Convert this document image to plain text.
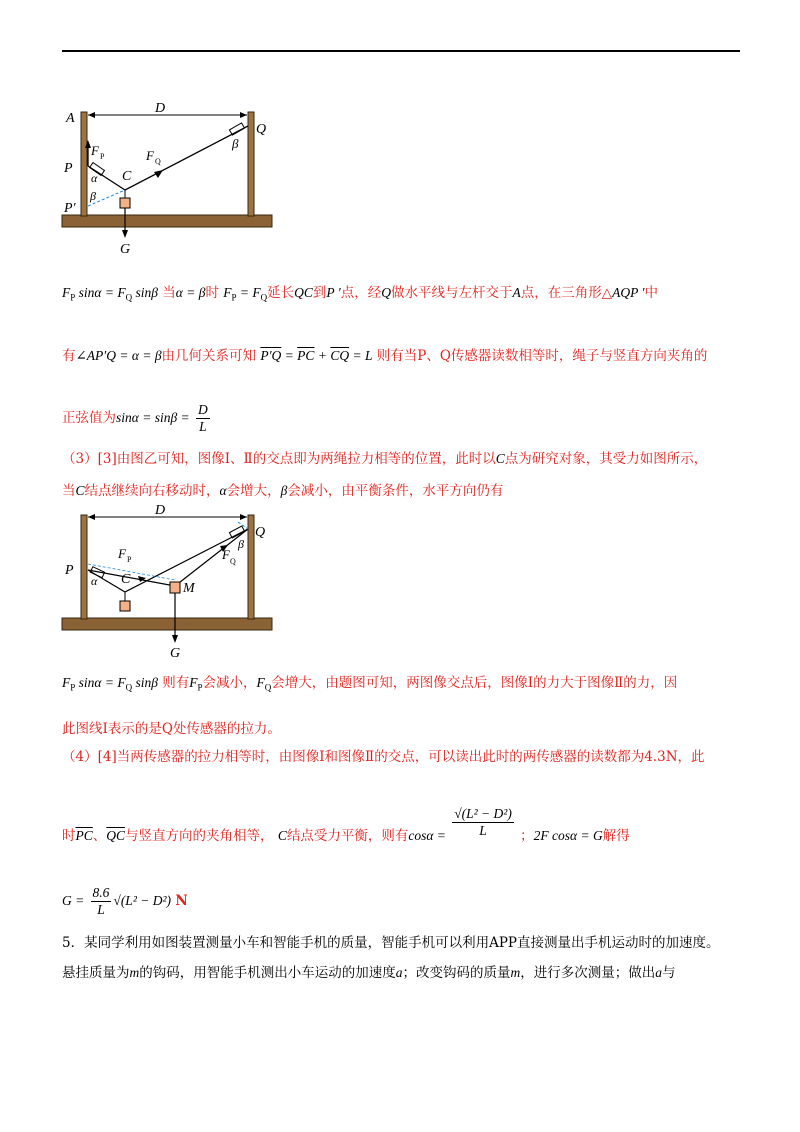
A
D
Q
β
F P	F Q
P
C
α
β
P′
G
$F_P$ $\sin\alpha = F_Q$ sinβ 当α = β时 $F_P = F_Q$延长QC到P ′点，经Q做水平线与左杆交于A点，在三角形△AQP ′中
有∠AP′Q = α = β由几何关系可知 $P'Q = \overline{PC} + \overline{CQ} = L$ 则有当P、Q传感器读数相等时，绳子与竖直方向夹角的
正弦值为$\sin\alpha = \sin\beta = \frac{D}{L}$
（3）[3]由图乙可知，图像Ⅰ、Ⅱ的交点即为两绳拉力相等的位置，此时以C点为研究对象，其受力如图所示，
当C结点继续向右移动时，α会增大，β会减小，由平衡条件，水平方向仍有
D
Q
β
F Q
F P
P
C
M
α
G
$F_P$ $\sin\alpha = F_Q$ sinβ 则有$F_P$会减小，$F_Q$会增大，由题图可知，两图像交点后，图像Ⅰ的力大于图像Ⅱ的力，因
此图线Ⅰ表示的是Q处传感器的拉力。
（4）[4]当两传感器的拉力相等时，由图像Ⅰ和图像Ⅱ的交点，可以读出此时的两传感器的读数都为4.3N，此
时$\overline{PC}$、$\overline{QC}$与竖直方向的夹角相等， C结点受力平衡，则有$\cos\alpha = \frac{\text{√(L² − D²)}}{L}$ ；2F cosα = G解得
$G = \frac{8.6}{L} √(L^2 - D^2)$ N
5．某同学利用如图装置测量小车和智能手机的质量，智能手机可以利用APP直接测量出手机运动时的加速度。
悬挂质量为m的钩码，用智能手机测出小车运动的加速度a；改变钩码的质量m，进行多次测量；做出a与
